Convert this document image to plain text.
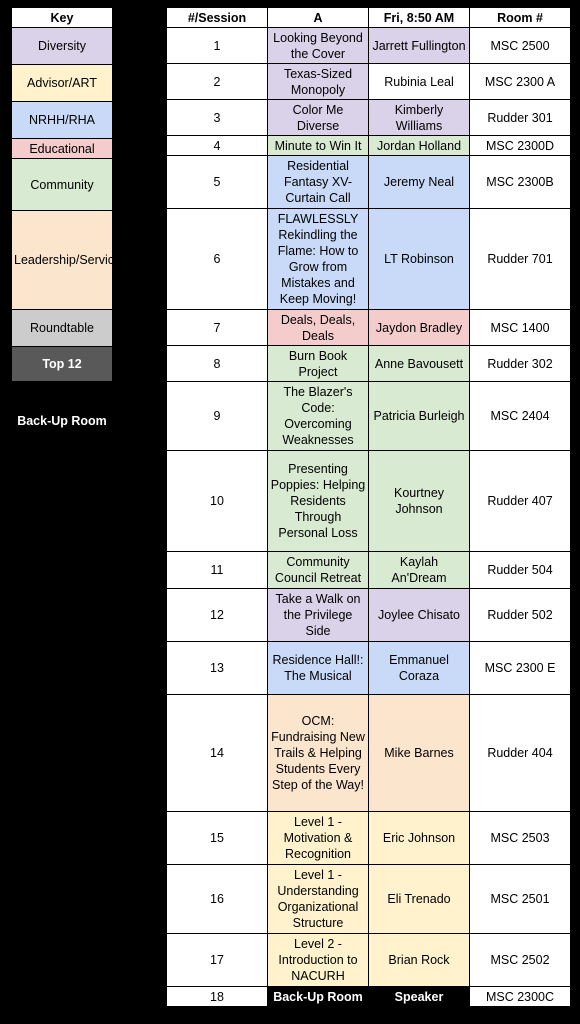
Key
Diversity
Advisor/ART
NRHH/RHA
Educational
Community
Leadership/Service
Roundtable
Top 12
Back-Up Room
#/Session	A	Fri, 8:50 AM	Room #
1	Looking Beyond the Cover	Jarrett Fullington	MSC 2500
2	Texas-Sized Monopoly	Rubinia Leal	MSC 2300 A
3	Color Me Diverse	Kimberly Williams	Rudder 301
4	Minute to Win It	Jordan Holland	MSC 2300D
5	Residential Fantasy XV-Curtain Call	Jeremy Neal	MSC 2300B
6	FLAWLESSLY Rekindling the Flame: How to Grow from Mistakes and Keep Moving!	LT Robinson	Rudder 701
7	Deals, Deals, Deals	Jaydon Bradley	MSC 1400
8	Burn Book Project	Anne Bavousett	Rudder 302
9	The Blazer's Code: Overcoming Weaknesses	Patricia Burleigh	MSC 2404
10	Presenting Poppies: Helping Residents Through Personal Loss	Kourtney Johnson	Rudder 407
11	Community Council Retreat	Kaylah An'Dream	Rudder 504
12	Take a Walk on the Privilege Side	Joylee Chisato	Rudder 502
13	Residence Hall!: The Musical	Emmanuel Coraza	MSC 2300 E
14	OCM: Fundraising New Trails & Helping Students Every Step of the Way!	Mike Barnes	Rudder 404
15	Level 1 - Motivation & Recognition	Eric Johnson	MSC 2503
16	Level 1 - Understanding Organizational Structure	Eli Trenado	MSC 2501
17	Level 2 - Introduction to NACURH	Brian Rock	MSC 2502
18	Back-Up Room	Speaker	MSC 2300C
